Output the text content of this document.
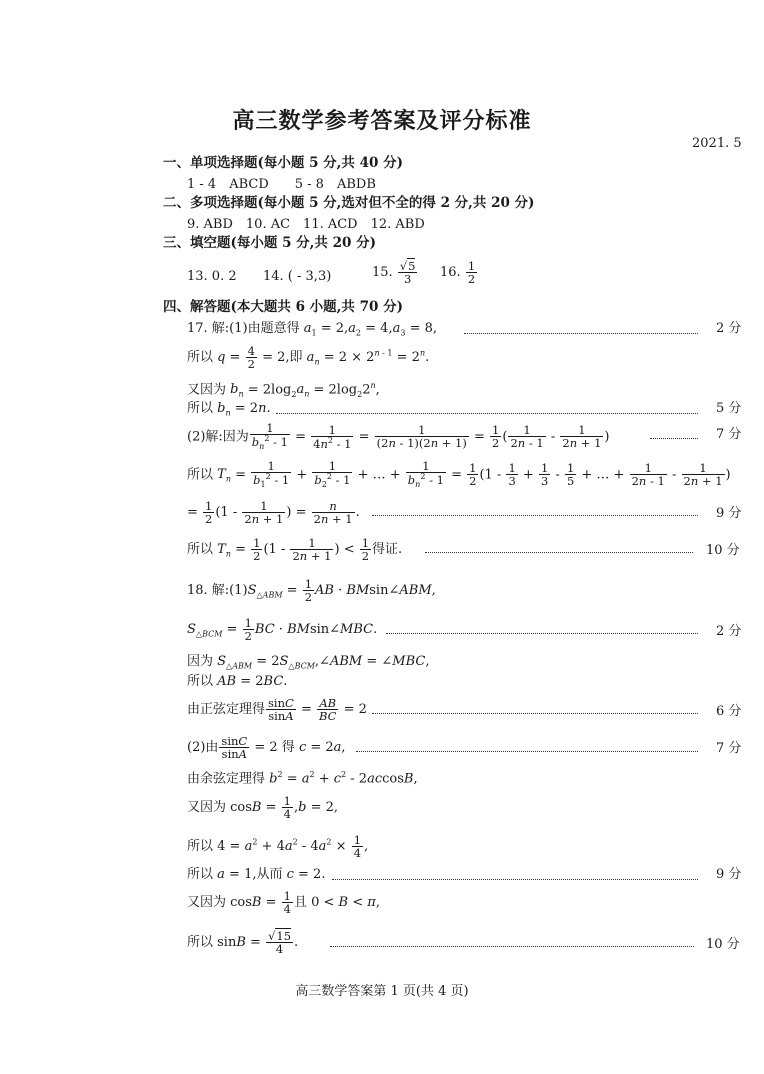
高三数学参考答案及评分标准
2021. 5
一、单项选择题(每小题 5 分,共 40 分)
1 - 4　ABCD　　5 - 8　ABDB
二、多项选择题(每小题 5 分,选对但不全的得 2 分,共 20 分)
9. ABD　10. AC　11. ACD　12. ABD
三、填空题(每小题 5 分,共 20 分)
13. 0. 2 14. ( - 3,3)	15. $\frac{√5}{3} 16$. $\frac{1}{2}$
四、解答题(本大题共 6 小题,共 70 分)
17. 解:(1)由题意得 $a_1 = 2,a_2 = 4,a_3 = 8$,	2 分
所以 $q = \frac{4}{2} = 2$,即 $a_n = 2 \times 2^{n - 1} = 2^n$.
又因为 $b_n = 2\log_2a_n = 2\log_22^n$,
所以 $b_n = 2n$.	5 分
(2)解:因为 $\frac{1}{b_n^2 - 1} = \frac{1}{4n^2 - 1} = \frac{1}{(2n - 1)(2n + 1)} = \frac{1}{2}$ ( $\frac{1}{2n - 1} - \frac{1}{2n + 1}$ )	7 分
所以 $T_n = \frac{1}{b_1^2 - 1} + \frac{1}{b_2^2 - 1}$ + … + $\frac{1}{b_n^2 - 1} = \frac{1}{2} (1 - \frac{1}{3} + \frac{1}{3} - \frac{1}{5}$ + … + $\frac{1}{2n - 1} - \frac{1}{2n + 1}$ )
= $\frac{1}{2} (1 - \frac{1}{2n + 1}$ ) = $\frac{n}{2n + 1}$ .	9 分
所以 $T_n = \frac{1}{2} (1 - \frac{1}{2n + 1}$ ) < $\frac{1}{2}$ 得证.	10 分
18. 解$:(1)S_{\triangle ABM} = \frac{1}{2}$ AB · BMsin∠ABM,
$S_{\triangle BCM} = \frac{1}{2}$ BC · BMsin∠MBC.	2 分
因为 $S_{\triangle ABM}$ = $2S_{\triangle BCM},\angle ABM$ = ∠MBC,
所以 AB = 2BC.
由正弦定理得 $\frac{\sin C}{\sin A} = \frac{AB}{BC} = 2$	6 分
(2)由 $\frac{\sin C}{\sin A} = 2$ 得 c = 2a,	7 分
由余弦定理得 $b^2 = a^2 + c^2 - 2accosB$,
又因为 $\cos B = \frac{1}{4} ,b = 2$,
所以 $4 = a^2 + 4a^2 - 4a^2 \times \frac{1}{4}$ ,
所以 a = 1,从而 c = 2.	9 分
又因为 $\cos B = \frac{1}{4}$ 且 0 < B < π,
所以 $\sin B = \frac{√15}{4}$ .	10 分
高三数学答案第 1 页(共 4 页)
